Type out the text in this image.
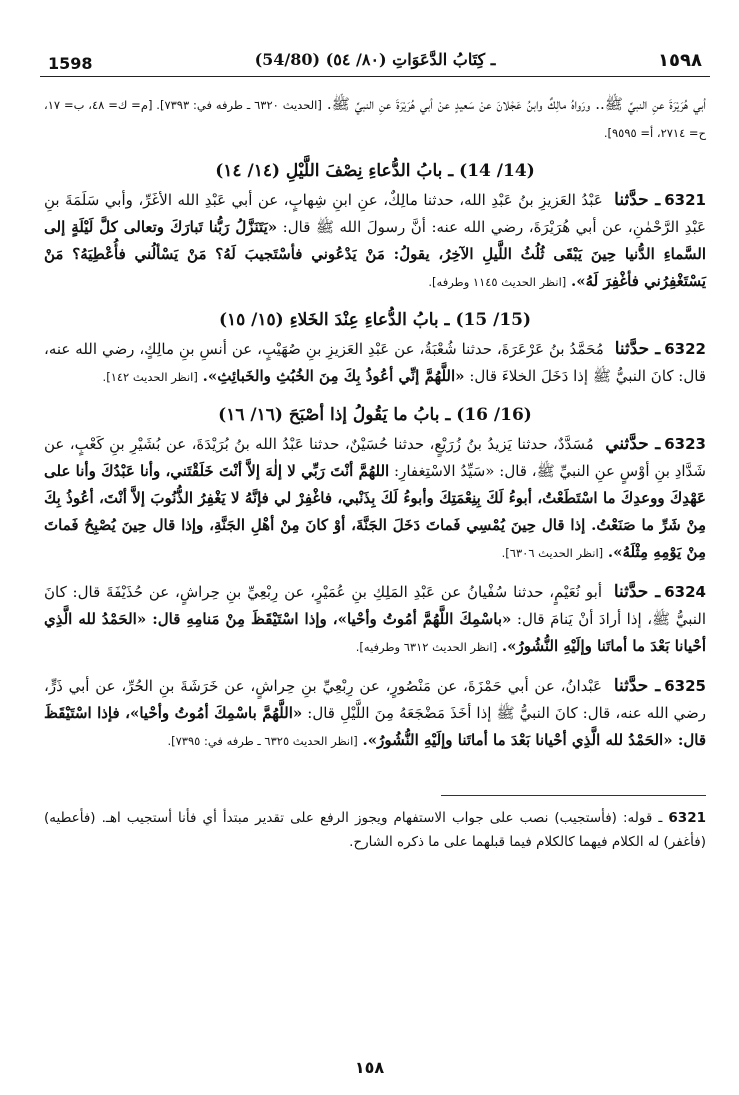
1598	(54/80) ـ كِتَابُ الدَّعَوَاتِ (٨٠/ ٥٤)	١٥٩٨

أبي هُرَيْرَةَ عنِ النبيِّ ﷺ.. ورَواهُ مالِكٌ وابنُ عَجْلانَ عنْ سَعيدٍ عنْ أبي هُرَيْرَةَ عنِ النبيِّ ﷺ. [الحديث ٦٣٢٠ ـ طرفه في: ٧٣٩٣]. [م= ك= ٤٨، ب= ١٧، ح= ٢٧١٤، أ= ٩٥٩٥].

(14/ 14) ـ بابُ الدُّعاءِ نِصْفَ اللَّيْلِ (١٤/ ١٤)

6321ـ حدَّثنا عَبْدُ العَزيزِ بنُ عَبْدِ الله، حدثنا مالِكٌ، عنِ ابنِ شِهابٍ، عن أبي عَبْدِ الله الأغَرِّ، وأبي سَلَمَةَ بنِ عَبْدِ الرَّحْمٰنِ، عن أبي هُرَيْرَةَ، رضي الله عنه: أنَّ رسولَ الله ﷺ قال: «يَتَنَزَّلُ رَبُّنا تَبارَكَ وتعالى كلَّ لَيْلَةٍ إلى السَّماءِ الدُّنيا حِينَ يَبْقَى ثُلُثُ اللَّيلِ الآخِرُ، يقولُ: مَنْ يَدْعُوني فأسْتَجيبَ لَهُ؟ مَنْ يَسْألُني فأُعْطِيَهُ؟ مَنْ يَسْتَغْفِرُني فأغْفِرَ لَهُ». [انظر الحديث ١١٤٥ وطرفه].

(15/ 15) ـ بابُ الدُّعاءِ عِنْدَ الخَلاءِ (١٥/ ١٥)

6322ـ حدَّثنا مُحَمَّدُ بنُ عَرْعَرَةَ، حدثنا شُعْبَةُ، عن عَبْدِ العَزيزِ بنِ صُهَيْبٍ، عن أنسِ بنِ مالِكٍ، رضي الله عنه، قال: كانَ النبيُّ ﷺ إذا دَخَلَ الخلاءَ قال: «اللَّهُمَّ إنِّي أعُوذُ بِكَ مِنَ الخُبُثِ والخَبائِثِ». [انظر الحديث ١٤٢].

(16/ 16) ـ بابُ ما يَقُولُ إذا أصْبَحَ (١٦/ ١٦)

6323ـ حدَّثني مُسَدَّدٌ، حدثنا يَزيدُ بنُ زُرَيْعٍ، حدثنا حُسَيْنٌ، حدثنا عَبْدُ الله بنُ بُرَيْدَةَ، عن بُشَيْرِ بنِ كَعْبٍ، عن شَدَّادِ بنِ أوْسٍ عنِ النبيِّ ﷺ، قال: «سَيِّدُ الاسْتِغفارِ: اللهُمَّ أنْتَ رَبِّي لا إلٰهَ إلاَّ أنْتَ خَلَقْتَني، وأنا عَبْدُكَ وأنا على عَهْدِكَ ووعدِكَ ما اسْتَطَعْتُ، أبوءُ لَكَ بِنِعْمَتِكَ وأبوءُ لَكَ بِذَنْبي، فاغْفِرْ لي فإنَّهُ لا يَغْفِرُ الذُّنُوبَ إلاَّ أنْتَ، أعُوذُ بِكَ مِنْ شَرِّ ما صَنَعْتُ. إذا قال حِينَ يُمْسِي فَماتَ دَخَلَ الجَنَّةَ، أوْ كانَ مِنْ أهْلِ الجَنَّةِ، وإذا قال حِينَ يُصْبِحُ فَماتَ مِنْ يَوْمِهِ مِثْلَهُ». [انظر الحديث ٦٣٠٦].

6324ـ حدَّثنا أبو نُعَيْمٍ، حدثنا سُفْيانُ عن عَبْدِ المَلِكِ بنِ عُمَيْرٍ، عن رِبْعِيِّ بنِ حِراشٍ، عن حُذَيْفَةَ قال: كانَ النبيُّ ﷺ، إذا أرادَ أنْ يَنامَ قال: «باسْمِكَ اللَّهُمَّ أمُوتُ وأحْيا»، وإذا اسْتَيْقَظَ مِنْ مَنامِهِ قال: «الحَمْدُ لله الَّذِي أحْيانا بَعْدَ ما أماتَنا وإلَيْهِ النُّشُورُ». [انظر الحديث ٦٣١٢ وطرفيه].

6325ـ حدَّثنا عَبْدانُ، عن أبي حَمْزَةَ، عن مَنْصُورٍ، عن رِبْعِيِّ بنِ حِراشٍ، عن خَرَشَةَ بنِ الحُرِّ، عن أبي ذَرٍّ، رضي الله عنه، قال: كانَ النبيُّ ﷺ إذا أخَذَ مَضْجَعَهُ مِنَ اللَّيْلِ قال: «اللَّهُمَّ باسْمِكَ أمُوتُ وأحْيا»، فإذا اسْتَيْقَظَ قال: «الحَمْدُ لله الَّذِي أحْيانا بَعْدَ ما أماتَنا وإلَيْهِ النُّشُورُ». [انظر الحديث ٦٣٢٥ ـ طرفه في: ٧٣٩٥].

6321 ـ قوله: (فأستجيب) نصب على جواب الاستفهام ويجوز الرفع على تقدير مبتدأ أي فأنا أستجيب اهـ. (فأعطيه) (فأغفر) له الكلام فيهما كالكلام فيما قبلهما على ما ذكره الشارح.

١٥٨
